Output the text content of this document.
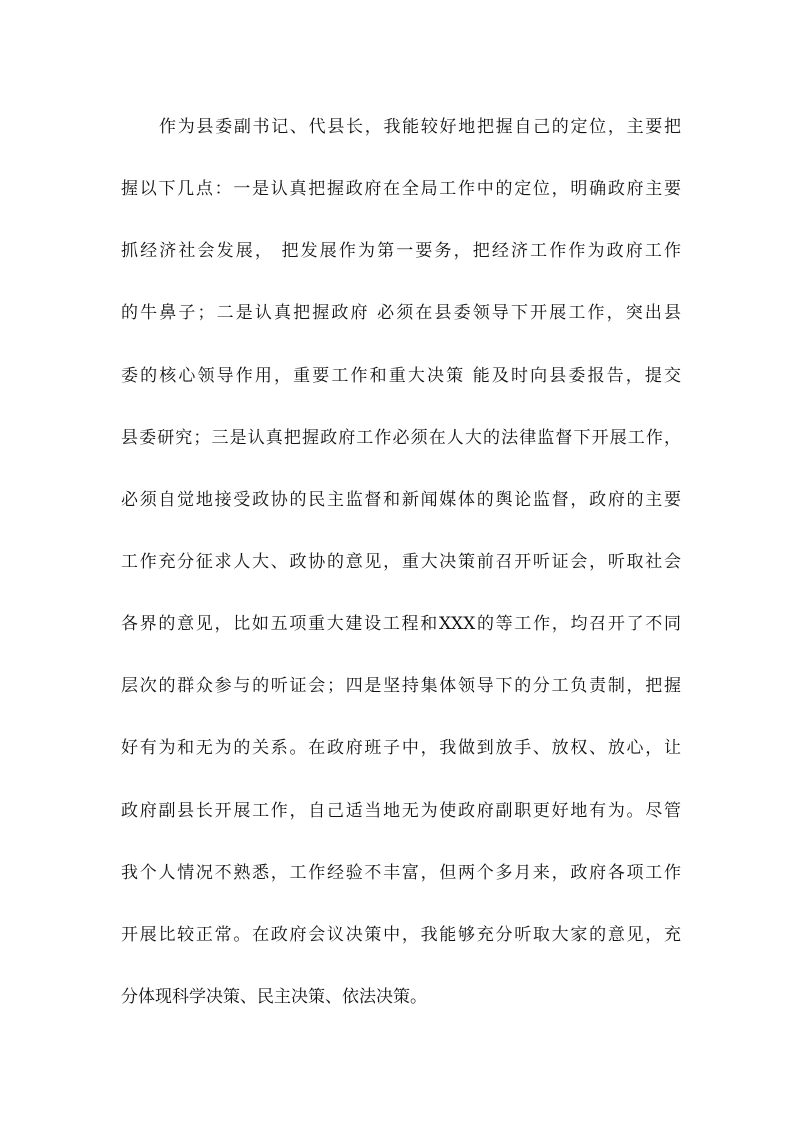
作为县委副书记、代县长，我能较好地把握自己的定位，主要把
握以下几点：一是认真把握政府在全局工作中的定位，明确政府主要
抓经济社会发展， 把发展作为第一要务，把经济工作作为政府工作
的牛鼻子；二是认真把握政府 必须在县委领导下开展工作，突出县
委的核心领导作用，重要工作和重大决策 能及时向县委报告，提交
县委研究；三是认真把握政府工作必须在人大的法律监督下开展工作，
必须自觉地接受政协的民主监督和新闻媒体的舆论监督，政府的主要
工作充分征求人大、政协的意见，重大决策前召开听证会，听取社会
各界的意见，比如五项重大建设工程和XXX的等工作，均召开了不同
层次的群众参与的听证会；四是坚持集体领导下的分工负责制，把握
好有为和无为的关系。在政府班子中，我做到放手、放权、放心，让
政府副县长开展工作，自己适当地无为使政府副职更好地有为。尽管
我个人情况不熟悉，工作经验不丰富，但两个多月来，政府各项工作
开展比较正常。在政府会议决策中，我能够充分听取大家的意见，充
分体现科学决策、民主决策、依法决策。
